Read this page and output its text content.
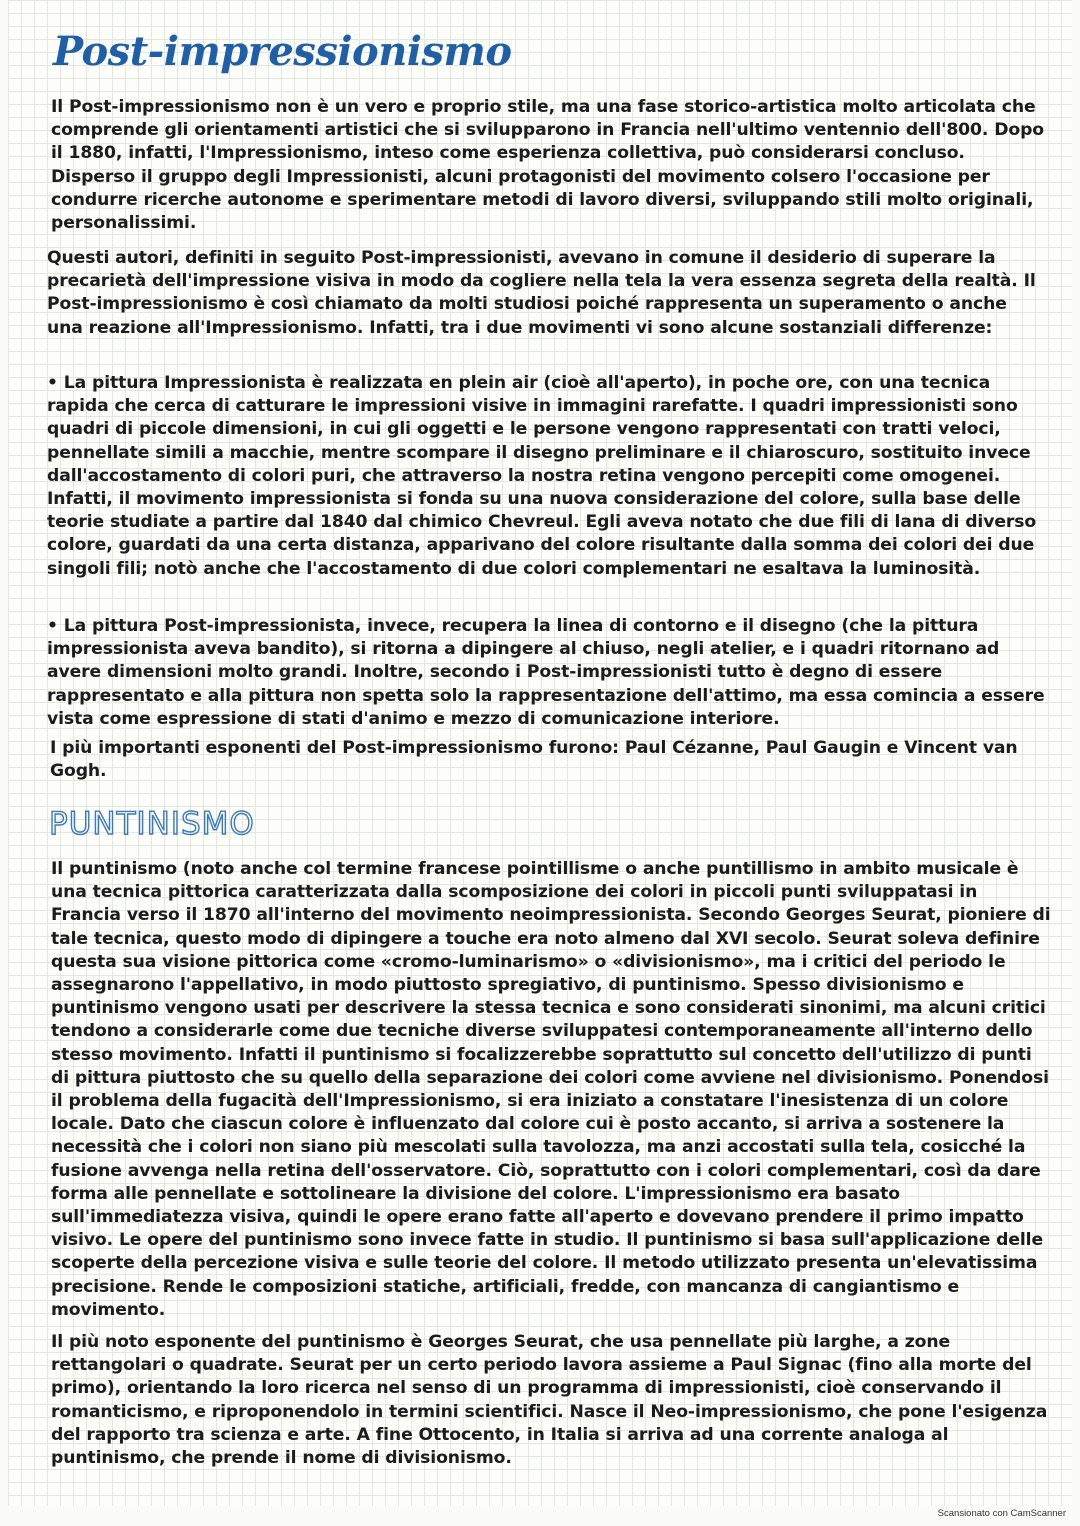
Post-impressionismo

Il Post-impressionismo non è un vero e proprio stile, ma una fase storico-artistica molto articolata che comprende gli orientamenti artistici che si svilupparono in Francia nell'ultimo ventennio dell'800. Dopo il 1880, infatti, l'Impressionismo, inteso come esperienza collettiva, può considerarsi concluso. Disperso il gruppo degli Impressionisti, alcuni protagonisti del movimento colsero l'occasione per condurre ricerche autonome e sperimentare metodi di lavoro diversi, sviluppando stili molto originali, personalissimi.

Questi autori, definiti in seguito Post-impressionisti, avevano in comune il desiderio di superare la precarietà dell'impressione visiva in modo da cogliere nella tela la vera essenza segreta della realtà. Il Post-impressionismo è così chiamato da molti studiosi poiché rappresenta un superamento o anche una reazione all'Impressionismo. Infatti, tra i due movimenti vi sono alcune sostanziali differenze:

• La pittura Impressionista è realizzata en plein air (cioè all'aperto), in poche ore, con una tecnica rapida che cerca di catturare le impressioni visive in immagini rarefatte. I quadri impressionisti sono quadri di piccole dimensioni, in cui gli oggetti e le persone vengono rappresentati con tratti veloci, pennellate simili a macchie, mentre scompare il disegno preliminare e il chiaroscuro, sostituito invece dall'accostamento di colori puri, che attraverso la nostra retina vengono percepiti come omogenei. Infatti, il movimento impressionista si fonda su una nuova considerazione del colore, sulla base delle teorie studiate a partire dal 1840 dal chimico Chevreul. Egli aveva notato che due fili di lana di diverso colore, guardati da una certa distanza, apparivano del colore risultante dalla somma dei colori dei due singoli fili; notò anche che l'accostamento di due colori complementari ne esaltava la luminosità.

• La pittura Post-impressionista, invece, recupera la linea di contorno e il disegno (che la pittura impressionista aveva bandito), si ritorna a dipingere al chiuso, negli atelier, e i quadri ritornano ad avere dimensioni molto grandi. Inoltre, secondo i Post-impressionisti tutto è degno di essere rappresentato e alla pittura non spetta solo la rappresentazione dell'attimo, ma essa comincia a essere vista come espressione di stati d'animo e mezzo di comunicazione interiore.

I più importanti esponenti del Post-impressionismo furono: Paul Cézanne, Paul Gaugin e Vincent van Gogh.

PUNTINISMO

Il puntinismo (noto anche col termine francese pointillisme o anche puntillismo in ambito musicale è una tecnica pittorica caratterizzata dalla scomposizione dei colori in piccoli punti sviluppatasi in Francia verso il 1870 all'interno del movimento neoimpressionista. Secondo Georges Seurat, pioniere di tale tecnica, questo modo di dipingere a touche era noto almeno dal XVI secolo. Seurat soleva definire questa sua visione pittorica come «cromo-luminarismo» o «divisionismo», ma i critici del periodo le assegnarono l'appellativo, in modo piuttosto spregiativo, di puntinismo. Spesso divisionismo e puntinismo vengono usati per descrivere la stessa tecnica e sono considerati sinonimi, ma alcuni critici tendono a considerarle come due tecniche diverse sviluppatesi contemporaneamente all'interno dello stesso movimento. Infatti il puntinismo si focalizzerebbe soprattutto sul concetto dell'utilizzo di punti di pittura piuttosto che su quello della separazione dei colori come avviene nel divisionismo. Ponendosi il problema della fugacità dell'Impressionismo, si era iniziato a constatare l'inesistenza di un colore locale. Dato che ciascun colore è influenzato dal colore cui è posto accanto, si arriva a sostenere la necessità che i colori non siano più mescolati sulla tavolozza, ma anzi accostati sulla tela, cosicché la fusione avvenga nella retina dell'osservatore. Ciò, soprattutto con i colori complementari, così da dare forma alle pennellate e sottolineare la divisione del colore. L'impressionismo era basato sull'immediatezza visiva, quindi le opere erano fatte all'aperto e dovevano prendere il primo impatto visivo. Le opere del puntinismo sono invece fatte in studio. Il puntinismo si basa sull'applicazione delle scoperte della percezione visiva e sulle teorie del colore. Il metodo utilizzato presenta un'elevatissima precisione. Rende le composizioni statiche, artificiali, fredde, con mancanza di cangiantismo e movimento.

Il più noto esponente del puntinismo è Georges Seurat, che usa pennellate più larghe, a zone rettangolari o quadrate. Seurat per un certo periodo lavora assieme a Paul Signac (fino alla morte del primo), orientando la loro ricerca nel senso di un programma di impressionisti, cioè conservando il romanticismo, e riproponendolo in termini scientifici. Nasce il Neo-impressionismo, che pone l'esigenza del rapporto tra scienza e arte. A fine Ottocento, in Italia si arriva ad una corrente analoga al puntinismo, che prende il nome di divisionismo.

Scansionato con CamScanner
